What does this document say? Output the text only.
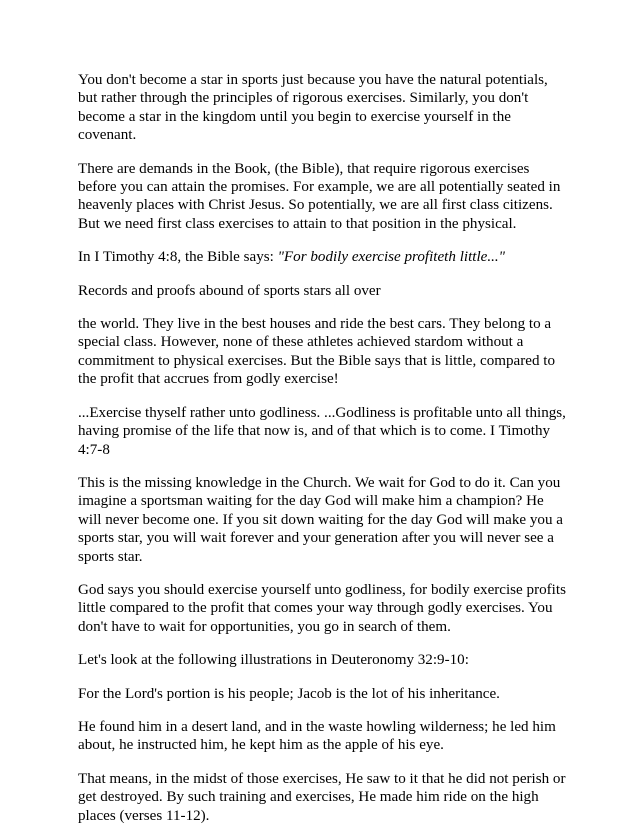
You don't become a star in sports just because you have the natural potentials, but rather through the principles of rigorous exercises. Similarly, you don't become a star in the kingdom until you begin to exercise yourself in the covenant.

There are demands in the Book, (the Bible), that require rigorous exercises before you can attain the promises. For example, we are all potentially seated in heavenly places with Christ Jesus. So potentially, we are all first class citizens. But we need first class exercises to attain to that position in the physical.

In I Timothy 4:8, the Bible says: "For bodily exercise profiteth little..."

Records and proofs abound of sports stars all over

the world. They live in the best houses and ride the best cars. They belong to a special class. However, none of these athletes achieved stardom without a commitment to physical exercises. But the Bible says that is little, compared to the profit that accrues from godly exercise!

...Exercise thyself rather unto godliness. ...Godliness is profitable unto all things, having promise of the life that now is, and of that which is to come. I Timothy 4:7-8

This is the missing knowledge in the Church. We wait for God to do it. Can you imagine a sportsman waiting for the day God will make him a champion? He will never become one. If you sit down waiting for the day God will make you a sports star, you will wait forever and your generation after you will never see a sports star.

God says you should exercise yourself unto godliness, for bodily exercise profits little compared to the profit that comes your way through godly exercises. You don't have to wait for opportunities, you go in search of them.

Let's look at the following illustrations in Deuteronomy 32:9-10:

For the Lord's portion is his people; Jacob is the lot of his inheritance.

He found him in a desert land, and in the waste howling wilderness; he led him about, he instructed him, he kept him as the apple of his eye.

That means, in the midst of those exercises, He saw to it that he did not perish or get destroyed. By such training and exercises, He made him ride on the high places (verses 11-12).
